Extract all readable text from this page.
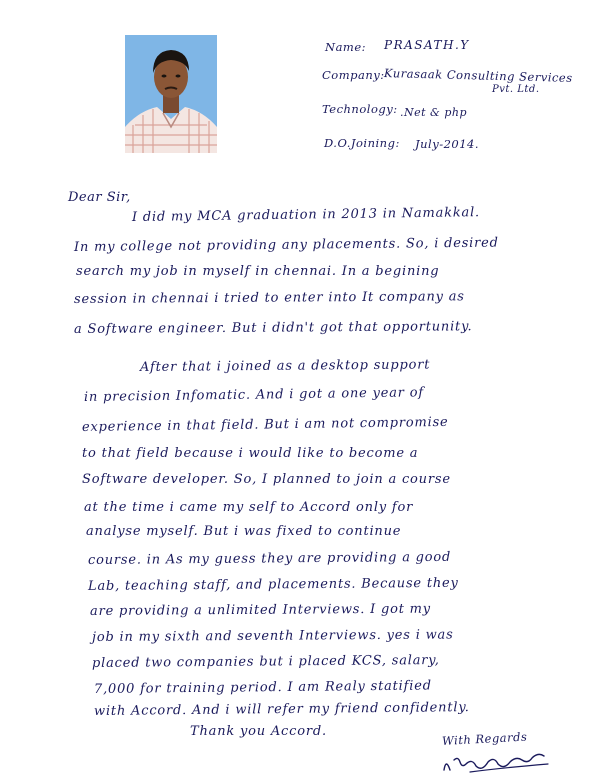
Name: PRASATH.Y
Company: Kurasaak Consulting Services
Pvt. Ltd.
Technology: .Net & php
D.O.Joining: July-2014.
Dear Sir,
I did my MCA graduation in 2013 in Namakkal.
In my college not providing any placements. So, i desired
search my job in myself in chennai. In a begining
session in chennai i tried to enter into It company as
a Software engineer. But i didn't got that opportunity.
After that i joined as a desktop support
in precision Infomatic. And i got a one year of
experience in that field. But i am not compromise
to that field because i would like to become a
Software developer. So, I planned to join a course
at the time i came my self to Accord only for
analyse myself. But i was fixed to continue
course. in As my guess they are providing a good
Lab, teaching staff, and placements. Because they
are providing a unlimited Interviews. I got my
job in my sixth and seventh Interviews. yes i was
placed two companies but i placed KCS, salary,
7,000 for training period. I am Realy statified
with Accord. And i will refer my friend confidently.
Thank you Accord.	With Regards
